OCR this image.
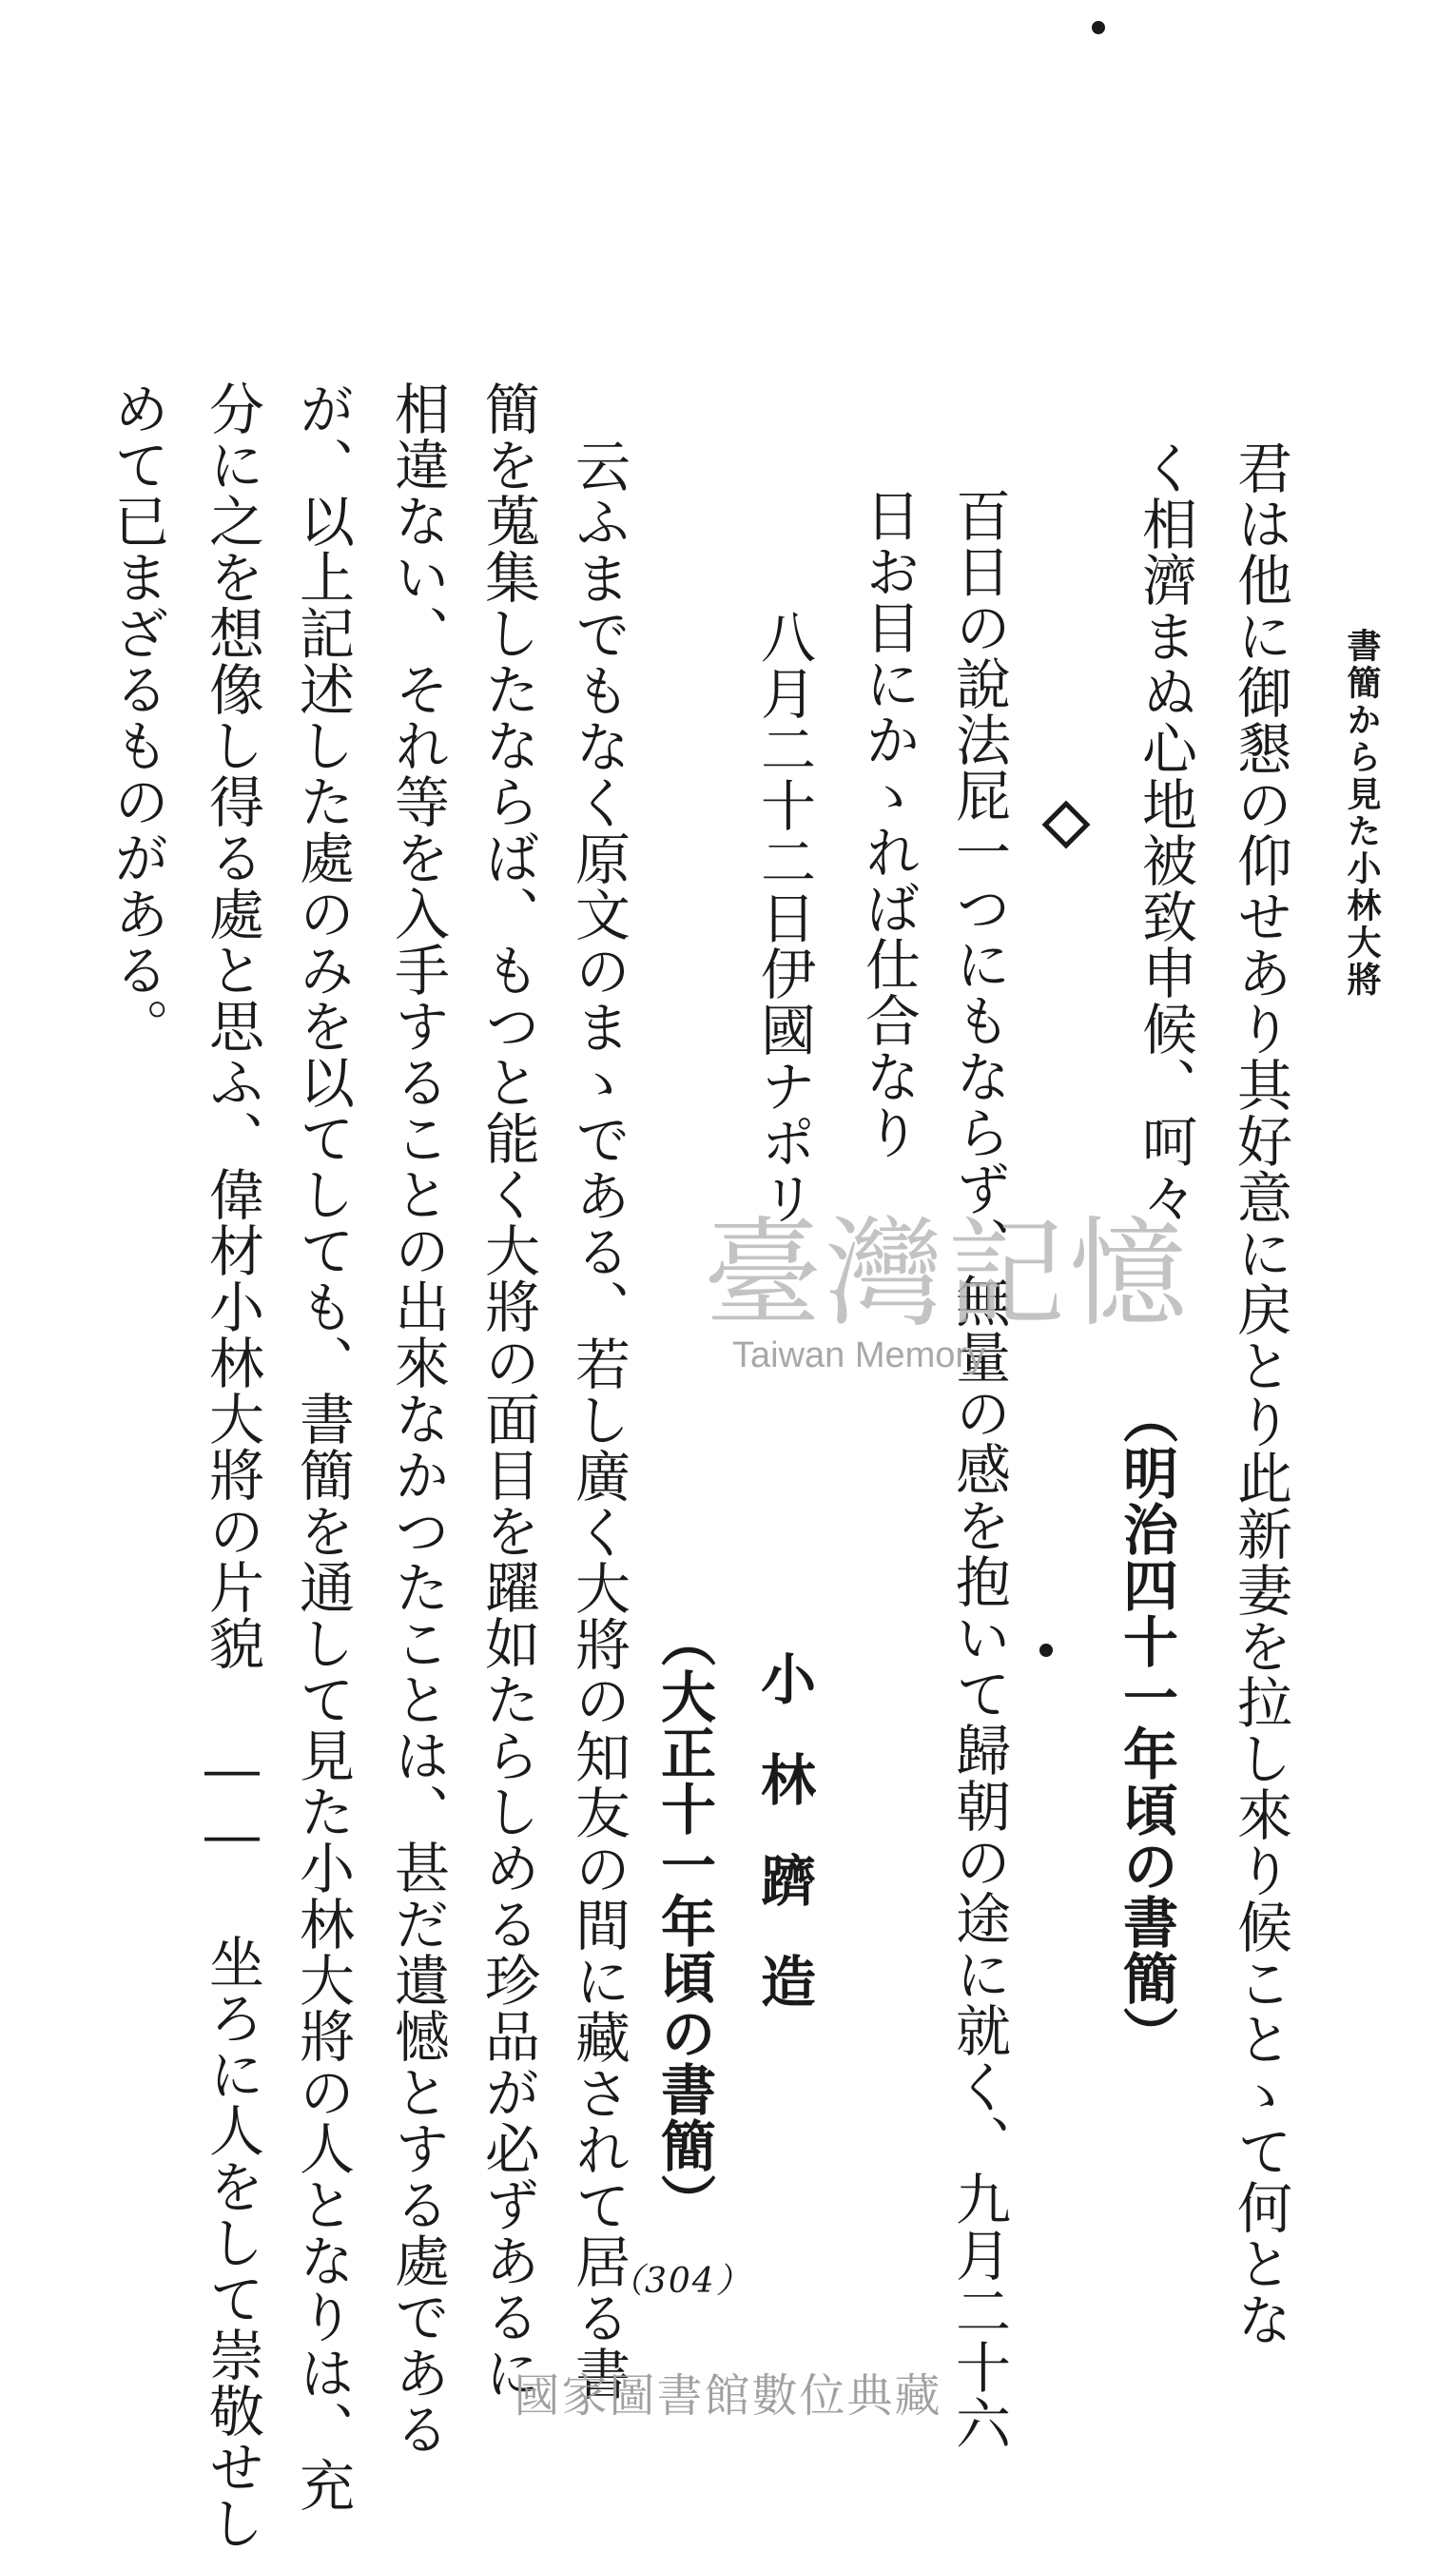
書簡から見た小林大將
君は他に御懇の仰せあり其好意に戻とり此新妻を拉し來り候ことゝて何とな
く相濟まぬ心地被致申候、呵々
（明治四十一年頃の書簡）
百日の說法屁一つにもならず、無量の感を抱いて歸朝の途に就く、九月二十六
日お目にかゝれば仕合なり
八月二十二日伊國ナポリ
小林躋造
（大正十一年頃の書簡）
云ふまでもなく原文のまゝである、若し廣く大將の知友の間に藏されて居る書
簡を蒐集したならば、もつと能く大將の面目を躍如たらしめる珍品が必ずあるに
相違ない、それ等を入手することの出來なかつたことは、甚だ遺憾とする處である
が、以上記述した處のみを以てしても、書簡を通して見た小林大將の人となりは、充
分に之を想像し得る處と思ふ、偉材小林大將の片貌 ―― 坐ろに人をして崇敬せし
めて已まざるものがある。
（304）
臺灣記憶
Taiwan Memory
國家圖書館數位典藏
